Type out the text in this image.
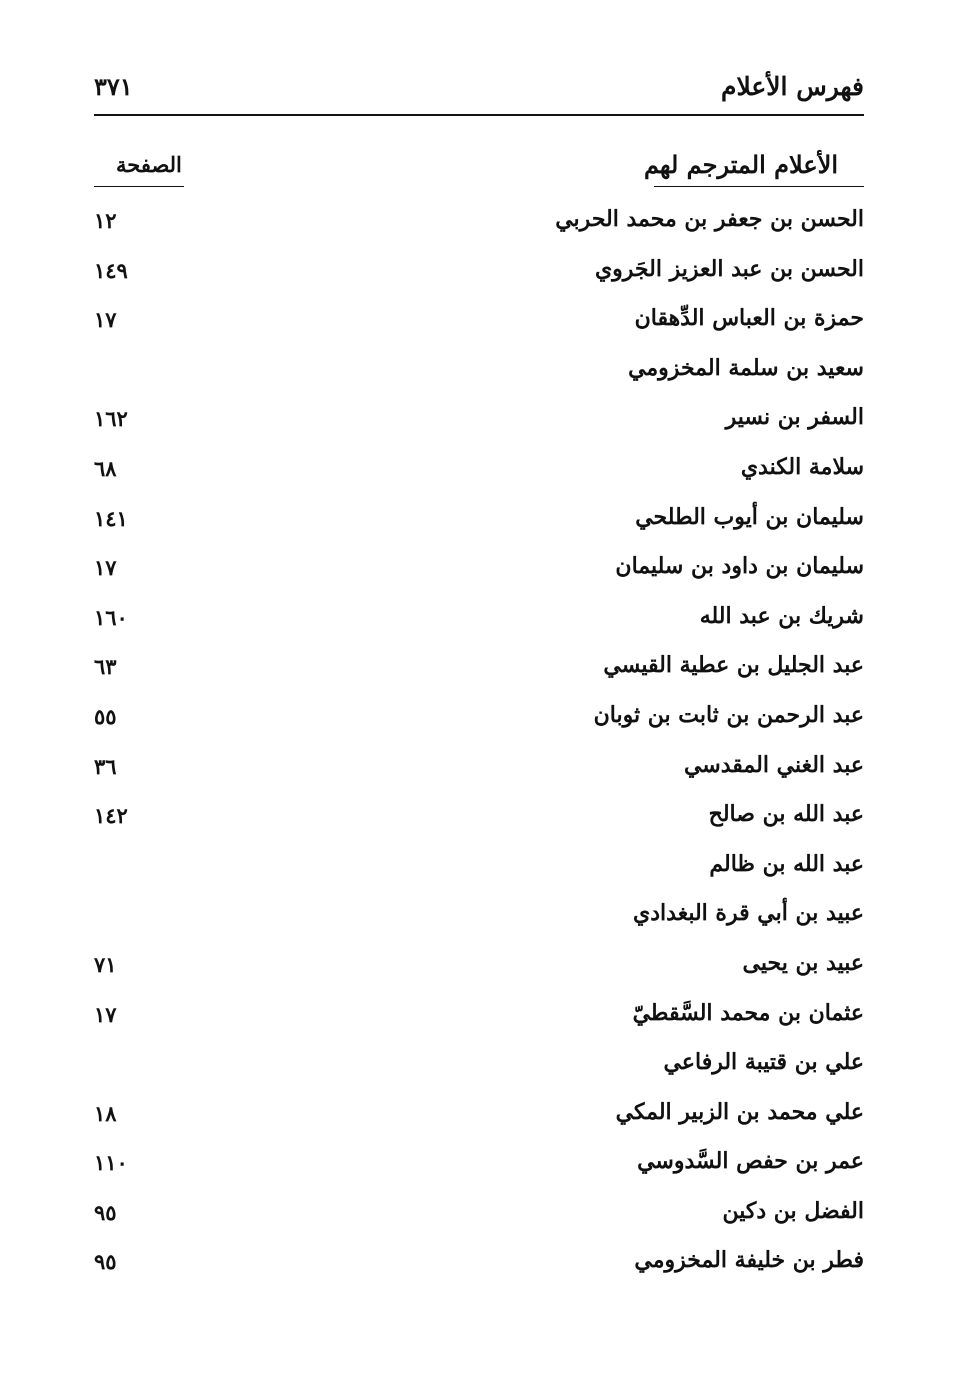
فهرس الأعلام
٣٧١
الأعلام المترجم لهم
الصفحة
الحسن بن جعفر بن محمد الحربي
١٢
الحسن بن عبد العزيز الجَروي
١٤٩
حمزة بن العباس الدِّهقان
١٧
سعيد بن سلمة المخزومي
السفر بن نسير
١٦٢
سلامة الكندي
٦٨
سليمان بن أيوب الطلحي
١٤١
سليمان بن داود بن سليمان
١٧
شريك بن عبد الله
١٦٠
عبد الجليل بن عطية القيسي
٦٣
عبد الرحمن بن ثابت بن ثوبان
٥٥
عبد الغني المقدسي
٣٦
عبد الله بن صالح
١٤٢
عبد الله بن ظالم
عبيد بن أبي قرة البغدادي
عبيد بن يحيى
٧١
عثمان بن محمد السَّقطيّ
١٧
علي بن قتيبة الرفاعي
علي محمد بن الزبير المكي
١٨
عمر بن حفص السَّدوسي
١١٠
الفضل بن دكين
٩٥
فطر بن خليفة المخزومي
٩٥
